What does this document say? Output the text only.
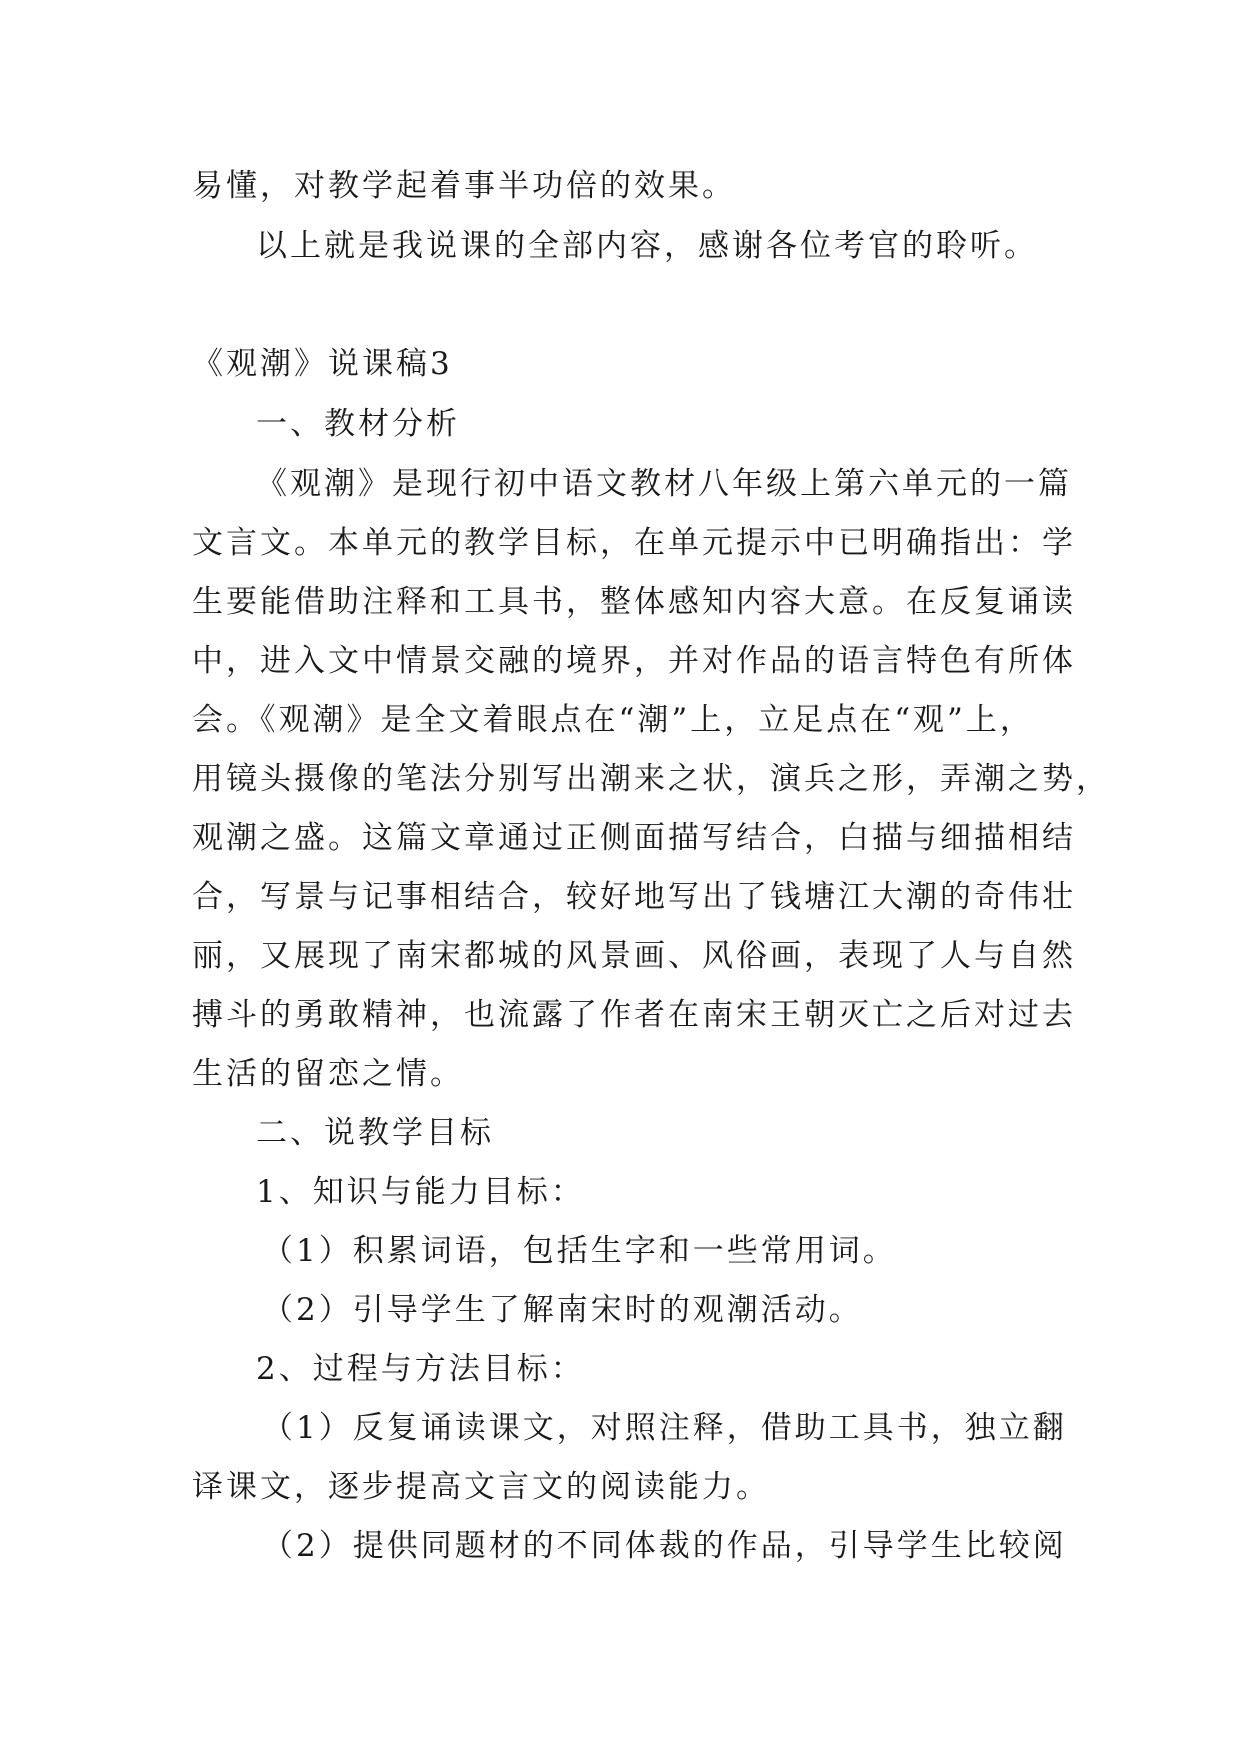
易懂，对教学起着事半功倍的效果。
以上就是我说课的全部内容，感谢各位考官的聆听。
《观潮》说课稿3
一、教材分析
《观潮》是现行初中语文教材八年级上第六单元的一篇
文言文。本单元的教学目标，在单元提示中已明确指出：学
生要能借助注释和工具书，整体感知内容大意。在反复诵读
中，进入文中情景交融的境界，并对作品的语言特色有所体
会。《观潮》是全文着眼点在“潮”上，立足点在“观”上，
用镜头摄像的笔法分别写出潮来之状，演兵之形，弄潮之势，
观潮之盛。这篇文章通过正侧面描写结合，白描与细描相结
合，写景与记事相结合，较好地写出了钱塘江大潮的奇伟壮
丽，又展现了南宋都城的风景画、风俗画，表现了人与自然
搏斗的勇敢精神，也流露了作者在南宋王朝灭亡之后对过去
生活的留恋之情。
二、说教学目标
1、知识与能力目标：
（1）积累词语，包括生字和一些常用词。
（2）引导学生了解南宋时的观潮活动。
2、过程与方法目标：
（1）反复诵读课文，对照注释，借助工具书，独立翻
译课文，逐步提高文言文的阅读能力。
（2）提供同题材的不同体裁的作品，引导学生比较阅
